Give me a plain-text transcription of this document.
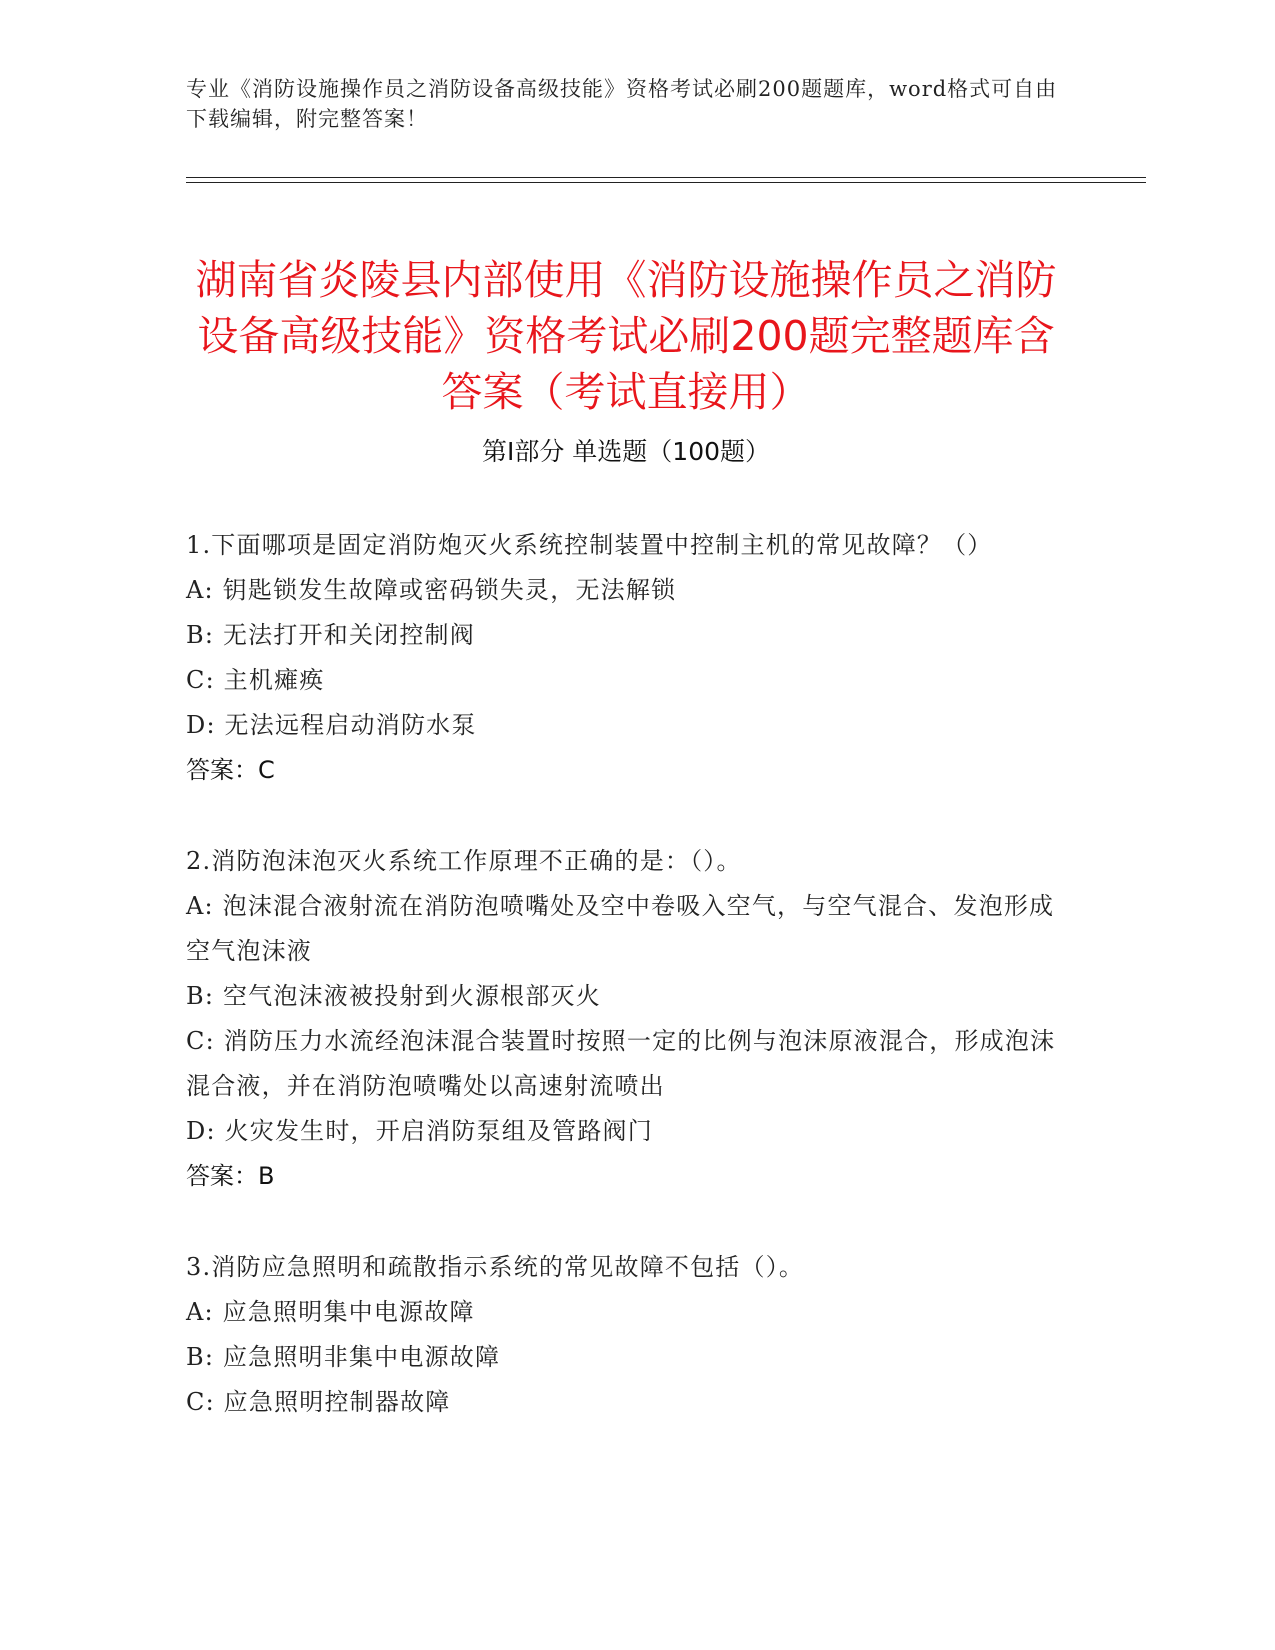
专业《消防设施操作员之消防设备高级技能》资格考试必刷200题题库，word格式可自由下载编辑，附完整答案！
湖南省炎陵县内部使用《消防设施操作员之消防设备高级技能》资格考试必刷200题完整题库含答案（考试直接用）
第Ⅰ部分 单选题（100题）

1.下面哪项是固定消防炮灭火系统控制装置中控制主机的常见故障？（）

A: 钥匙锁发生故障或密码锁失灵，无法解锁

B: 无法打开和关闭控制阀

C: 主机瘫痪

D: 无法远程启动消防水泵

答案：C

2.消防泡沫泡灭火系统工作原理不正确的是：（）。

A: 泡沫混合液射流在消防泡喷嘴处及空中卷吸入空气，与空气混合、发泡形成空气泡沫液

B: 空气泡沫液被投射到火源根部灭火

C: 消防压力水流经泡沫混合装置时按照一定的比例与泡沫原液混合，形成泡沫混合液，并在消防泡喷嘴处以高速射流喷出

D: 火灾发生时，开启消防泵组及管路阀门

答案：B

3.消防应急照明和疏散指示系统的常见故障不包括（）。

A: 应急照明集中电源故障

B: 应急照明非集中电源故障

C: 应急照明控制器故障
